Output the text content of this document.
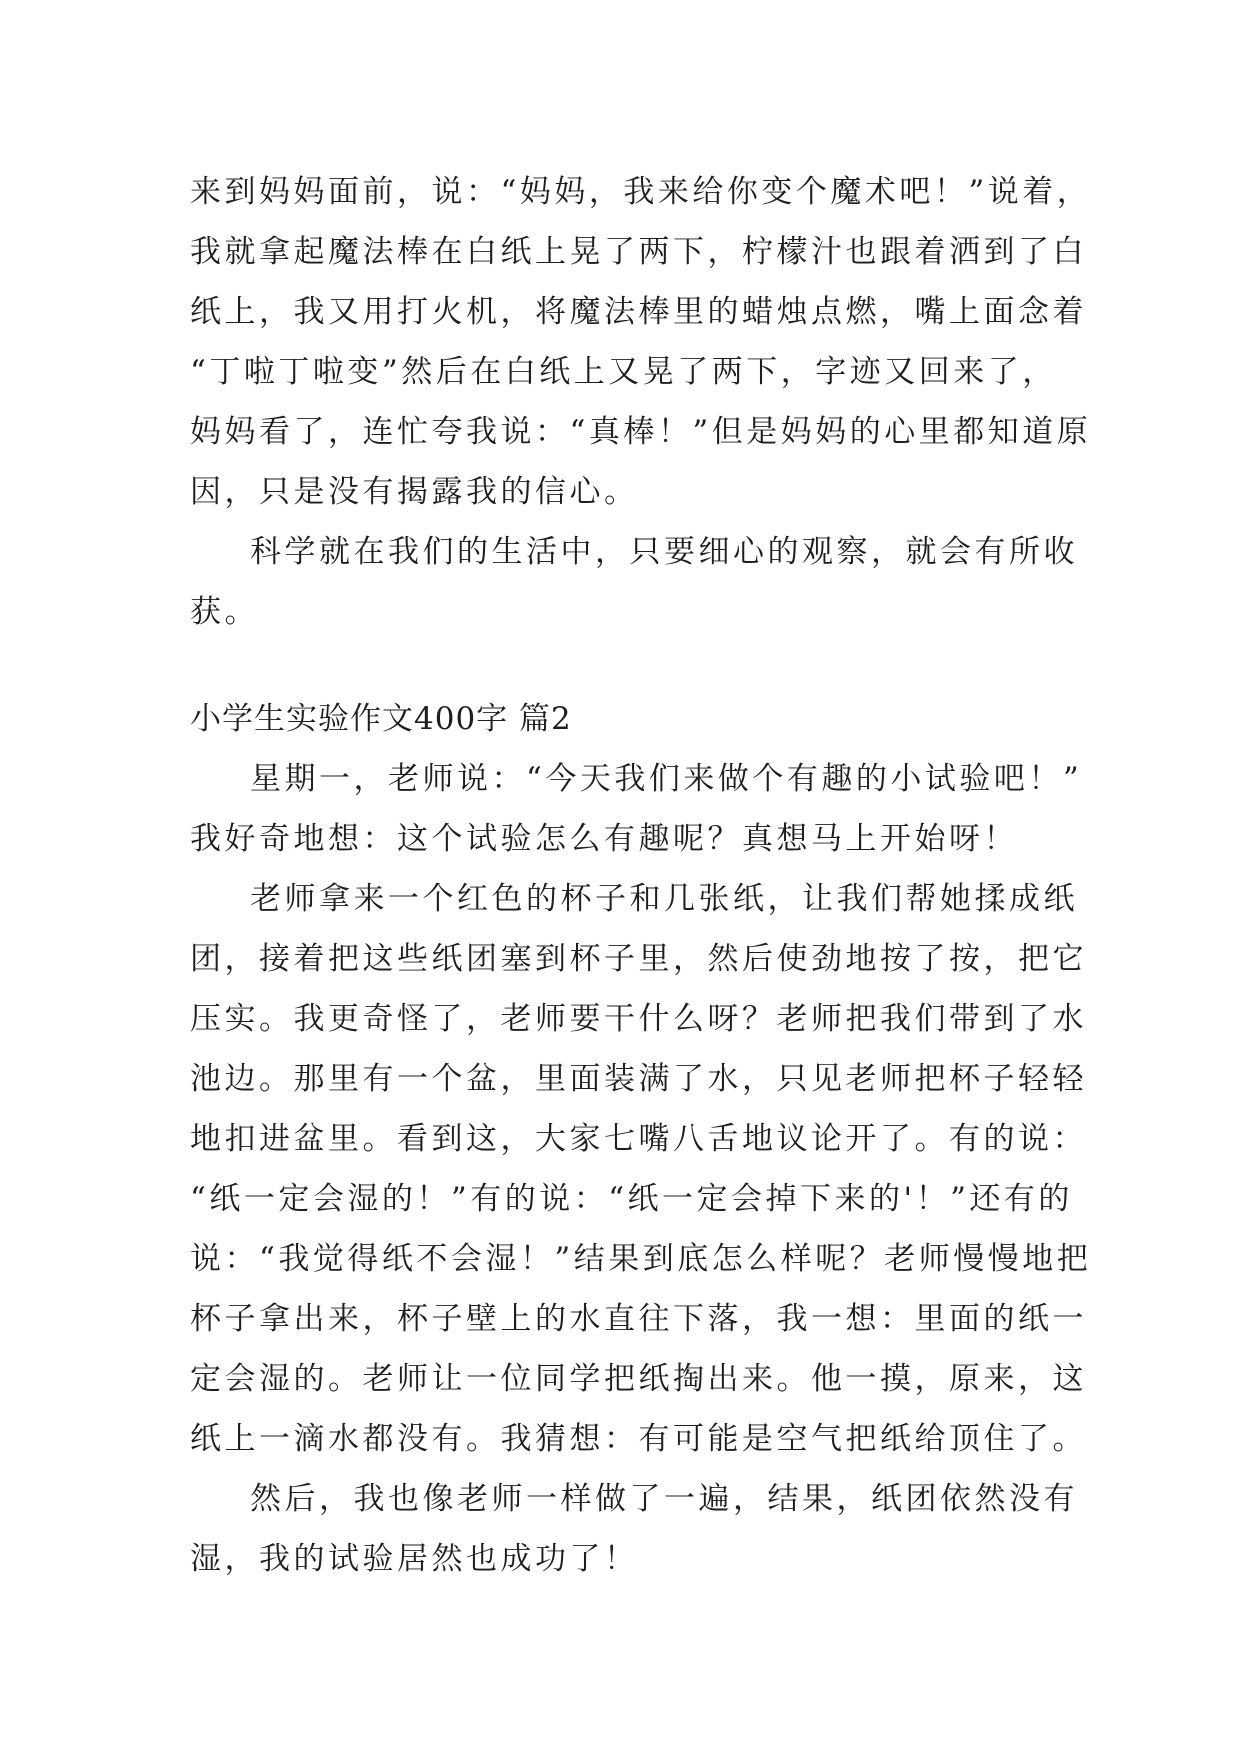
来到妈妈面前，说：“妈妈，我来给你变个魔术吧！”说着，
我就拿起魔法棒在白纸上晃了两下，柠檬汁也跟着洒到了白
纸上，我又用打火机，将魔法棒里的蜡烛点燃，嘴上面念着
“丁啦丁啦变”然后在白纸上又晃了两下，字迹又回来了，
妈妈看了，连忙夸我说：“真棒！”但是妈妈的心里都知道原
因，只是没有揭露我的信心。
科学就在我们的生活中，只要细心的观察，就会有所收
获。
小学生实验作文400字 篇2
星期一，老师说：“今天我们来做个有趣的小试验吧！”
我好奇地想：这个试验怎么有趣呢？真想马上开始呀！
老师拿来一个红色的杯子和几张纸，让我们帮她揉成纸
团，接着把这些纸团塞到杯子里，然后使劲地按了按，把它
压实。我更奇怪了，老师要干什么呀？老师把我们带到了水
池边。那里有一个盆，里面装满了水，只见老师把杯子轻轻
地扣进盆里。看到这，大家七嘴八舌地议论开了。有的说：
“纸一定会湿的！”有的说：“纸一定会掉下来的'！”还有的
说：“我觉得纸不会湿！”结果到底怎么样呢？老师慢慢地把
杯子拿出来，杯子壁上的水直往下落，我一想：里面的纸一
定会湿的。老师让一位同学把纸掏出来。他一摸，原来，这
纸上一滴水都没有。我猜想：有可能是空气把纸给顶住了。
然后，我也像老师一样做了一遍，结果，纸团依然没有
湿，我的试验居然也成功了！
